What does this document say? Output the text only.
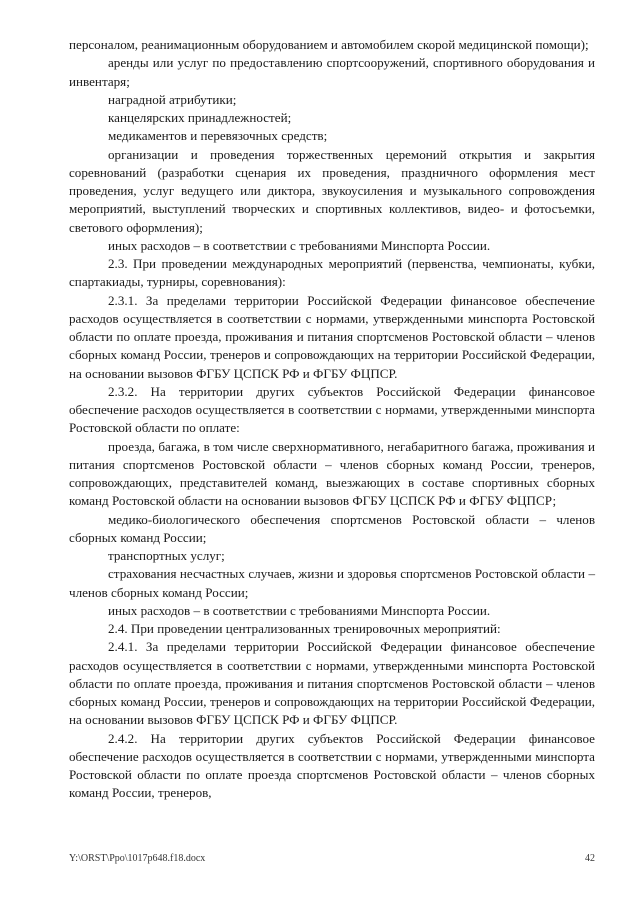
персоналом, реанимационным оборудованием и автомобилем скорой медицинской помощи);

аренды или услуг по предоставлению спортсооружений, спортивного оборудования и инвентаря;

наградной атрибутики;

канцелярских принадлежностей;

медикаментов и перевязочных средств;

организации и проведения торжественных церемоний открытия и закрытия соревнований (разработки сценария их проведения, праздничного оформления мест проведения, услуг ведущего или диктора, звукоусиления и музыкального сопровождения мероприятий, выступлений творческих и спортивных коллективов, видео- и фотосъемки, светового оформления);

иных расходов – в соответствии с требованиями Минспорта России.

2.3. При проведении международных мероприятий (первенства, чемпионаты, кубки, спартакиады, турниры, соревнования):

2.3.1. За пределами территории Российской Федерации финансовое обеспечение расходов осуществляется в соответствии с нормами, утвержденными минспорта Ростовской области по оплате проезда, проживания и питания спортсменов Ростовской области – членов сборных команд России, тренеров и сопровождающих на территории Российской Федерации, на основании вызовов ФГБУ ЦСПСК РФ и ФГБУ ФЦПСР.

2.3.2. На территории других субъектов Российской Федерации финансовое обеспечение расходов осуществляется в соответствии с нормами, утвержденными минспорта Ростовской области по оплате:

проезда, багажа, в том числе сверхнормативного, негабаритного багажа, проживания и питания спортсменов Ростовской области – членов сборных команд России, тренеров, сопровождающих, представителей команд, выезжающих в составе спортивных сборных команд Ростовской области на основании вызовов ФГБУ ЦСПСК РФ и ФГБУ ФЦПСР;

медико-биологического обеспечения спортсменов Ростовской области – членов сборных команд России;

транспортных услуг;

страхования несчастных случаев, жизни и здоровья спортсменов Ростовской области – членов сборных команд России;

иных расходов – в соответствии с требованиями Минспорта России.

2.4. При проведении централизованных тренировочных мероприятий:

2.4.1. За пределами территории Российской Федерации финансовое обеспечение расходов осуществляется в соответствии с нормами, утвержденными минспорта Ростовской области по оплате проезда, проживания и питания спортсменов Ростовской области – членов сборных команд России, тренеров и сопровождающих на территории Российской Федерации, на основании вызовов ФГБУ ЦСПСК РФ и ФГБУ ФЦПСР.

2.4.2. На территории других субъектов Российской Федерации финансовое обеспечение расходов осуществляется в соответствии с нормами, утвержденными минспорта Ростовской области по оплате проезда спортсменов Ростовской области – членов сборных команд России, тренеров,

Y:\ORST\Ppo\1017p648.f18.docx	42
